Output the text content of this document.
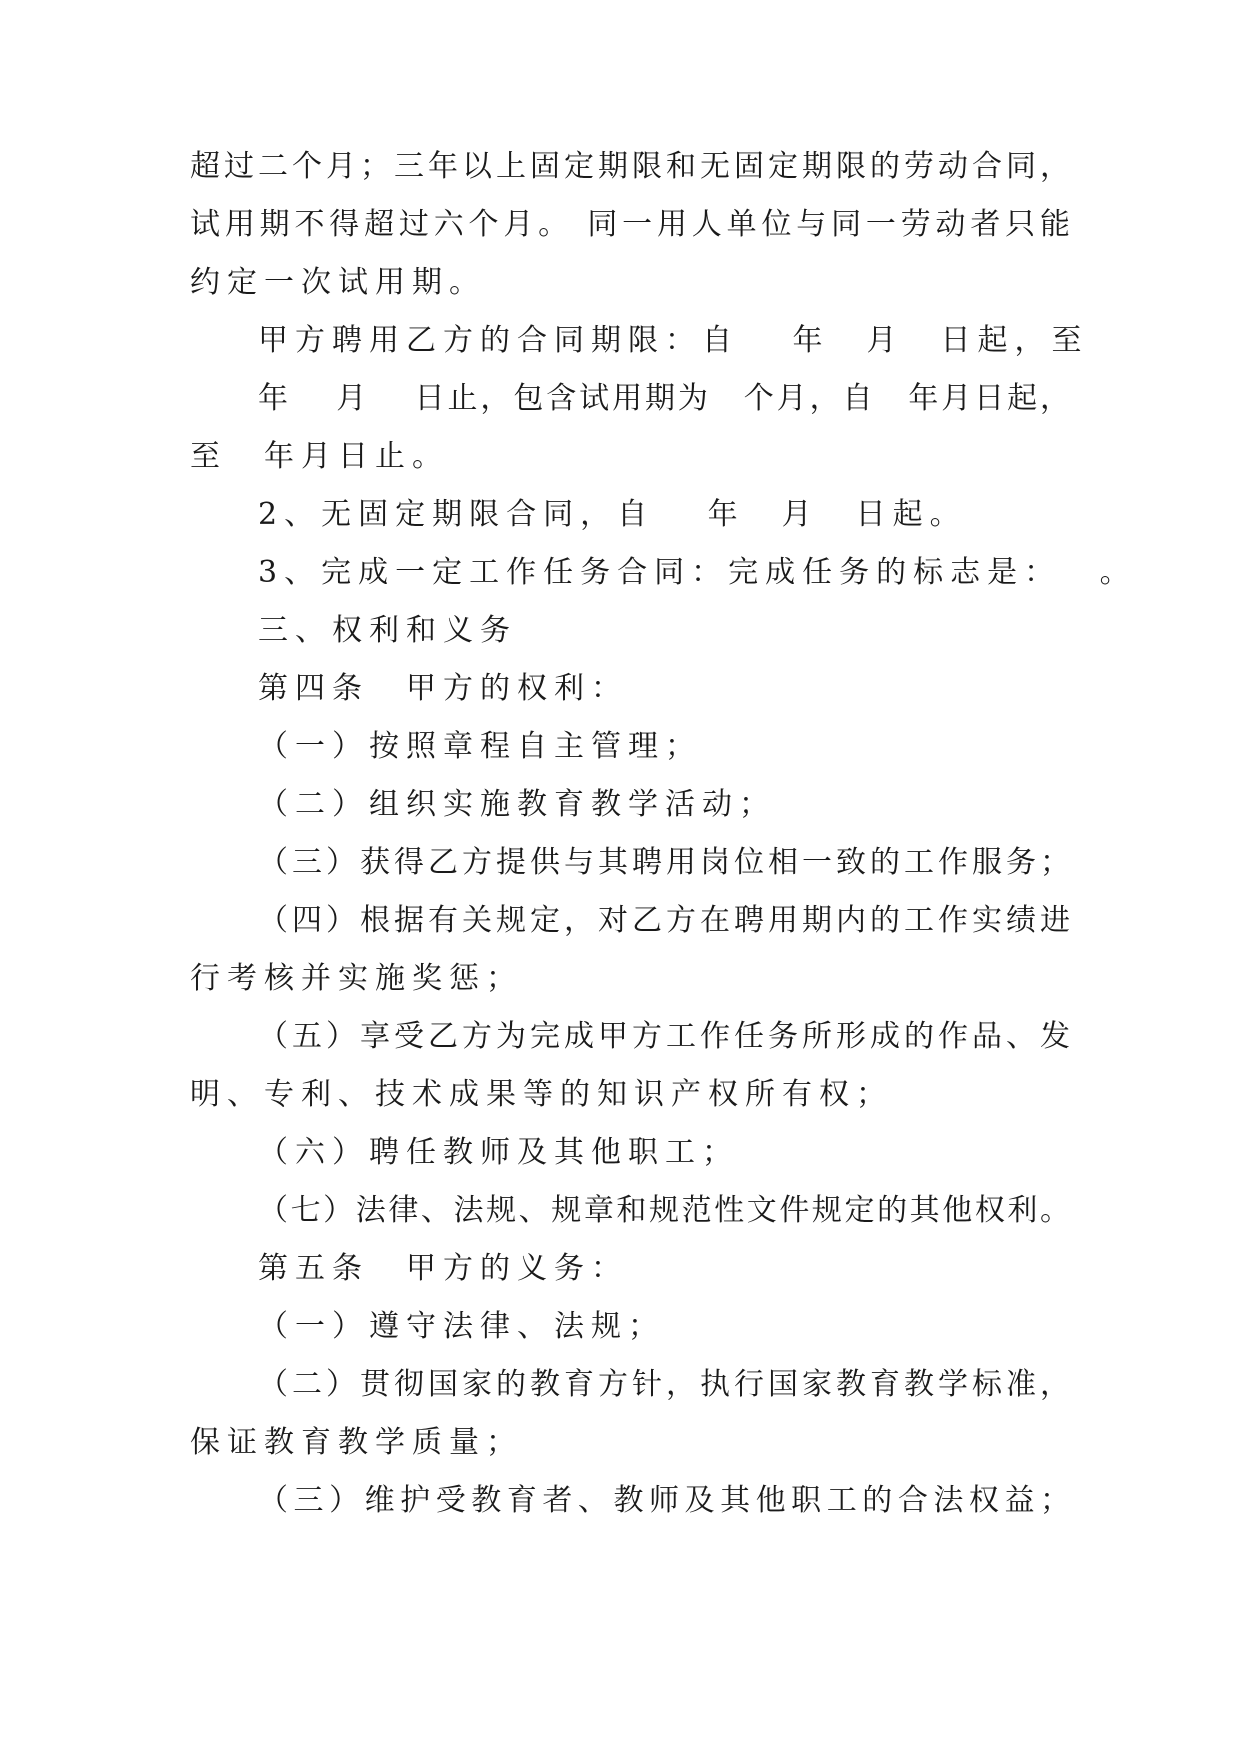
超过二个月；三年以上固定期限和无固定期限的劳动合同，
试用期不得超过六个月。 同一用人单位与同一劳动者只能
约定一次试用期。
甲方聘用乙方的合同期限：自　 年　月　日起，至
年　 月　 日止，包含试用期为　个月，自　年月日起，
至　年月日止。
2、无固定期限合同，自　 年　月　日起。
3、完成一定工作任务合同：完成任务的标志是：　 。
三、权利和义务
第四条　甲方的权利：
（一）按照章程自主管理；
（二）组织实施教育教学活动；
（三）获得乙方提供与其聘用岗位相一致的工作服务；
（四）根据有关规定，对乙方在聘用期内的工作实绩进
行考核并实施奖惩；
（五）享受乙方为完成甲方工作任务所形成的作品、发
明、专利、技术成果等的知识产权所有权；
（六）聘任教师及其他职工；
（七）法律、法规、规章和规范性文件规定的其他权利。
第五条　甲方的义务：
（一）遵守法律、法规；
（二）贯彻国家的教育方针，执行国家教育教学标准，
保证教育教学质量；
（三）维护受教育者、教师及其他职工的合法权益；
